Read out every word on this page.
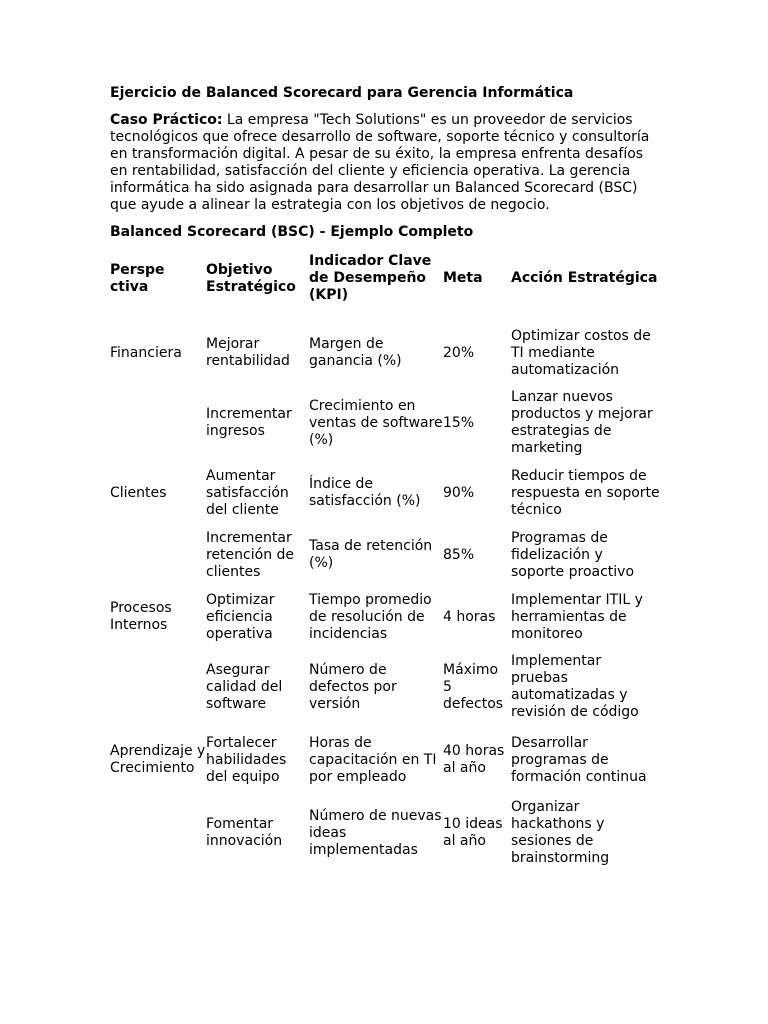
Ejercicio de Balanced Scorecard para Gerencia Informática

Caso Práctico: La empresa "Tech Solutions" es un proveedor de servicios tecnológicos que ofrece desarrollo de software, soporte técnico y consultoría en transformación digital. A pesar de su éxito, la empresa enfrenta desafíos en rentabilidad, satisfacción del cliente y eficiencia operativa. La gerencia informática ha sido asignada para desarrollar un Balanced Scorecard (BSC) que ayude a alinear la estrategia con los objetivos de negocio.

Balanced Scorecard (BSC) - Ejemplo Completo
Perspectiva	Objetivo Estratégico	Indicador Clave de Desempeño (KPI)	Meta	Acción Estratégica

Financiera	Mejorar rentabilidad	Margen de ganancia (%)	20%	Optimizar costos de TI mediante automatización
	Incrementar ingresos	Crecimiento en ventas de software (%)	15%	Lanzar nuevos productos y mejorar estrategias de marketing
Clientes	Aumentar satisfacción del cliente	Índice de satisfacción (%)	90%	Reducir tiempos de respuesta en soporte técnico
	Incrementar retención de clientes	Tasa de retención (%)	85%	Programas de fidelización y soporte proactivo
Procesos Internos	Optimizar eficiencia operativa	Tiempo promedio de resolución de incidencias	4 horas	Implementar ITIL y herramientas de monitoreo
	Asegurar calidad del software	Número de defectos por versión	Máximo 5 defectos	Implementar pruebas automatizadas y revisión de código
Aprendizaje y Crecimiento	Fortalecer habilidades del equipo	Horas de capacitación en TI por empleado	40 horas al año	Desarrollar programas de formación continua
	Fomentar innovación	Número de nuevas ideas implementadas	10 ideas al año	Organizar hackathons y sesiones de brainstorming
